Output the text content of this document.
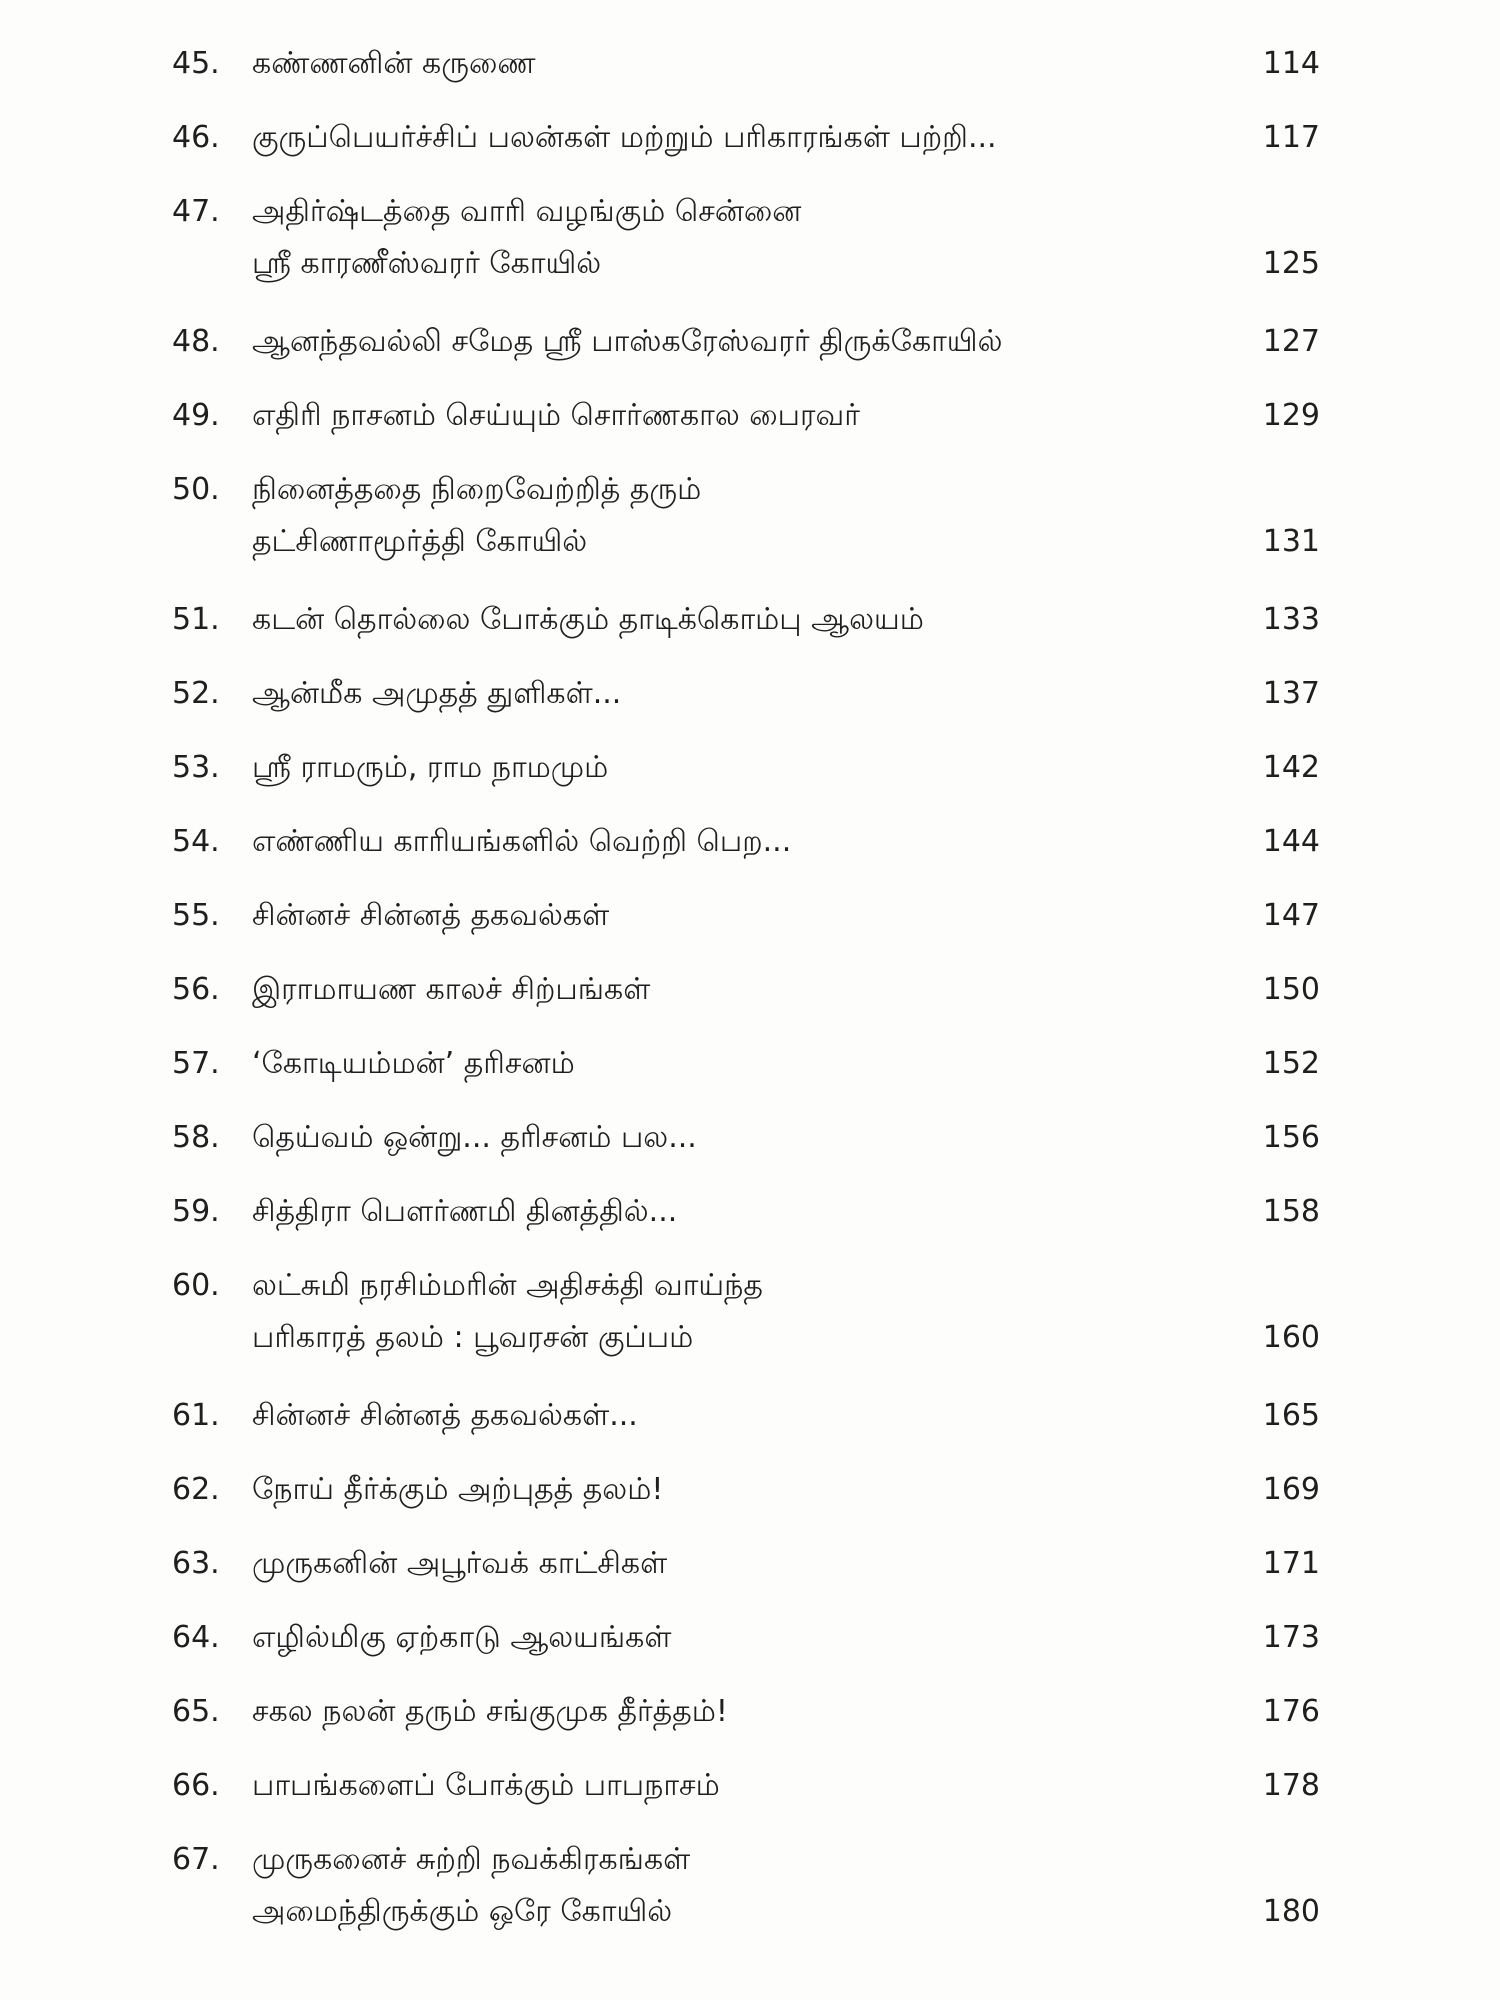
45.	கண்ணனின் கருணை	114
46.	குருப்பெயர்ச்சிப் பலன்கள் மற்றும் பரிகாரங்கள் பற்றி...	117
47.	அதிர்ஷ்டத்தை வாரி வழங்கும் சென்னை
ஸ்ரீ காரணீஸ்வரர் கோயில்	125
48.	ஆனந்தவல்லி சமேத ஸ்ரீ பாஸ்கரேஸ்வரர் திருக்கோயில்	127
49.	எதிரி நாசனம் செய்யும் சொர்ணகால பைரவர்	129
50.	நினைத்ததை நிறைவேற்றித் தரும்
தட்சிணாமூர்த்தி கோயில்	131
51.	கடன் தொல்லை போக்கும் தாடிக்கொம்பு ஆலயம்	133
52.	ஆன்மீக அமுதத் துளிகள்...	137
53.	ஸ்ரீ ராமரும், ராம நாமமும்	142
54.	எண்ணிய காரியங்களில் வெற்றி பெற...	144
55.	சின்னச் சின்னத் தகவல்கள்	147
56.	இராமாயண காலச் சிற்பங்கள்	150
57.	‘கோடியம்மன்’ தரிசனம்	152
58.	தெய்வம் ஒன்று... தரிசனம் பல...	156
59.	சித்திரா பௌர்ணமி தினத்தில்...	158
60.	லட்சுமி நரசிம்மரின் அதிசக்தி வாய்ந்த
பரிகாரத் தலம் : பூவரசன் குப்பம்	160
61.	சின்னச் சின்னத் தகவல்கள்...	165
62.	நோய் தீர்க்கும் அற்புதத் தலம்!	169
63.	முருகனின் அபூர்வக் காட்சிகள்	171
64.	எழில்மிகு ஏற்காடு ஆலயங்கள்	173
65.	சகல நலன் தரும் சங்குமுக தீர்த்தம்!	176
66.	பாபங்களைப் போக்கும் பாபநாசம்	178
67.	முருகனைச் சுற்றி நவக்கிரகங்கள்
அமைந்திருக்கும் ஒரே கோயில்	180
